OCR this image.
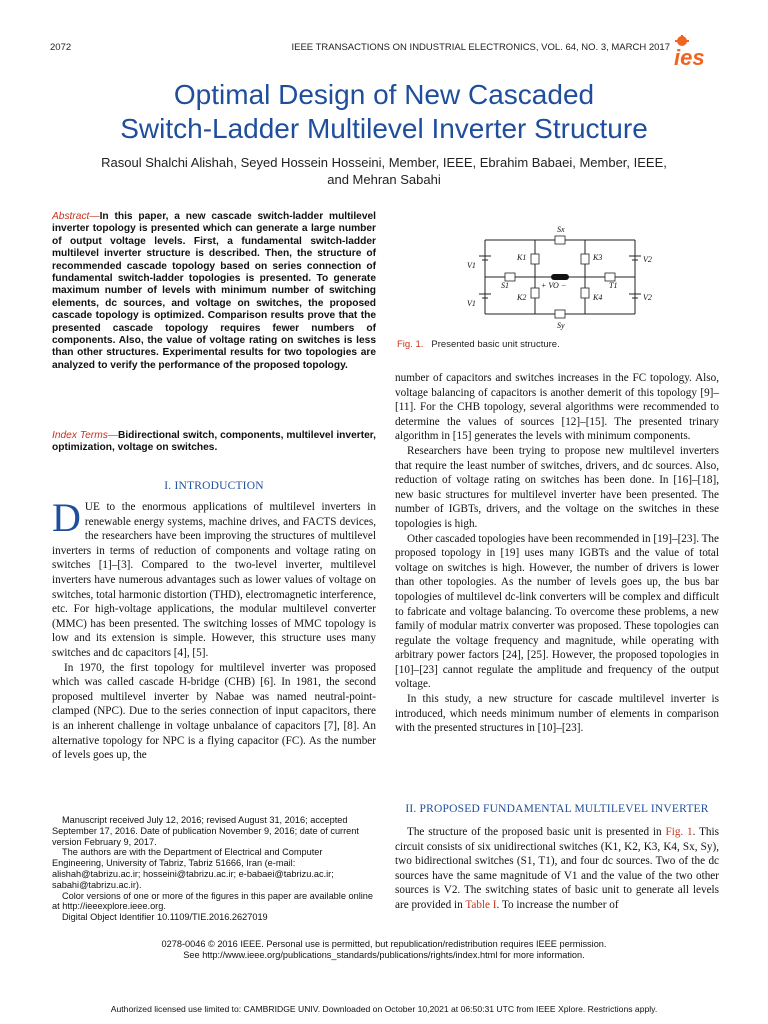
2072	IEEE TRANSACTIONS ON INDUSTRIAL ELECTRONICS, VOL. 64, NO. 3, MARCH 2017 ies
Optimal Design of New Cascaded
Switch-Ladder Multilevel Inverter Structure
Rasoul Shalchi Alishah, Seyed Hossein Hosseini, Member, IEEE, Ebrahim Babaei, Member, IEEE,
and Mehran Sabahi
Abstract—In this paper, a new cascade switch-ladder multilevel inverter topology is presented which can generate a large number of output voltage levels. First, a fundamental switch-ladder multilevel inverter structure is described. Then, the structure of recommended cascade topology based on series connection of fundamental switch-ladder topologies is presented. To generate maximum number of levels with minimum number of switching elements, dc sources, and voltage on switches, the proposed cascade topology is optimized. Comparison results prove that the presented cascade topology requires fewer numbers of components. Also, the value of voltage rating on switches is less than other structures. Experimental results for two topologies are analyzed to verify the performance of the proposed topology.
Index Terms—Bidirectional switch, components, multilevel inverter, optimization, voltage on switches.
I. INTRODUCTION

DUE to the enormous applications of multilevel inverters in renewable energy systems, machine drives, and FACTS devices, the researchers have been improving the structures of multilevel inverters in terms of reduction of components and voltage rating on switches [1]–[3]. Compared to the two-level inverter, multilevel inverters have numerous advantages such as lower values of voltage on switches, total harmonic distortion (THD), electromagnetic interference, etc. For high-voltage applications, the modular multilevel converter (MMC) has been presented. The switching losses of MMC topology is low and its extension is simple. However, this structure uses many switches and dc capacitors [4], [5].

In 1970, the first topology for multilevel inverter was proposed which was called cascade H-bridge (CHB) [6]. In 1981, the second proposed multilevel inverter by Nabae was named neutral-point-clamped (NPC). Due to the series connection of input capacitors, there is an inherent challenge in voltage unbalance of capacitors [7], [8]. An alternative topology for NPC is a flying capacitor (FC). As the number of levels goes up, the

Manuscript received July 12, 2016; revised August 31, 2016; accepted September 17, 2016. Date of publication November 9, 2016; date of current version February 9, 2017.

The authors are with the Department of Electrical and Computer Engineering, University of Tabriz, Tabriz 51666, Iran (e-mail: alishah@tabrizu.ac.ir; hosseini@tabrizu.ac.ir; e-babaei@tabrizu.ac.ir; sabahi@tabrizu.ac.ir).

Color versions of one or more of the figures in this paper are available online at http://ieeexplore.ieee.org.

Digital Object Identifier 10.1109/TIE.2016.2627019

Sx
Sy
K1
K2
K3
K4
S1	T1
V1
V1
V2
V2
+ VO −
Fig. 1. Presented basic unit structure.

number of capacitors and switches increases in the FC topology. Also, voltage balancing of capacitors is another demerit of this topology [9]–[11]. For the CHB topology, several algorithms were recommended to determine the values of sources [12]–[15]. The presented trinary algorithm in [15] generates the levels with minimum components.

Researchers have been trying to propose new multilevel inverters that require the least number of switches, drivers, and dc sources. Also, reduction of voltage rating on switches has been done. In [16]–[18], new basic structures for multilevel inverter have been presented. The number of IGBTs, drivers, and the voltage on the switches in these topologies is high.

Other cascaded topologies have been recommended in [19]–[23]. The proposed topology in [19] uses many IGBTs and the value of total voltage on switches is high. However, the number of drivers is lower than other topologies. As the number of levels goes up, the bus bar topologies of multilevel dc-link converters will be complex and difficult to fabricate and voltage balancing. To overcome these problems, a new family of modular matrix converter was proposed. These topologies can regulate the voltage frequency and magnitude, while operating with arbitrary power factors [24], [25]. However, the proposed topologies in [10]–[23] cannot regulate the amplitude and frequency of the output voltage.

In this study, a new structure for cascade multilevel inverter is introduced, which needs minimum number of elements in comparison with the presented structures in [10]–[23].

II. PROPOSED FUNDAMENTAL MULTILEVEL INVERTER

The structure of the proposed basic unit is presented in Fig. 1. This circuit consists of six unidirectional switches (K1, K2, K3, K4, Sx, Sy), two bidirectional switches (S1, T1), and four dc sources. Two of the dc sources have the same magnitude of V1 and the value of the two other sources is V2. The switching states of basic unit to generate all levels are provided in Table I. To increase the number of

0278-0046 © 2016 IEEE. Personal use is permitted, but republication/redistribution requires IEEE permission.
See http://www.ieee.org/publications_standards/publications/rights/index.html for more information.
Authorized licensed use limited to: CAMBRIDGE UNIV. Downloaded on October 10,2021 at 06:50:31 UTC from IEEE Xplore. Restrictions apply.
